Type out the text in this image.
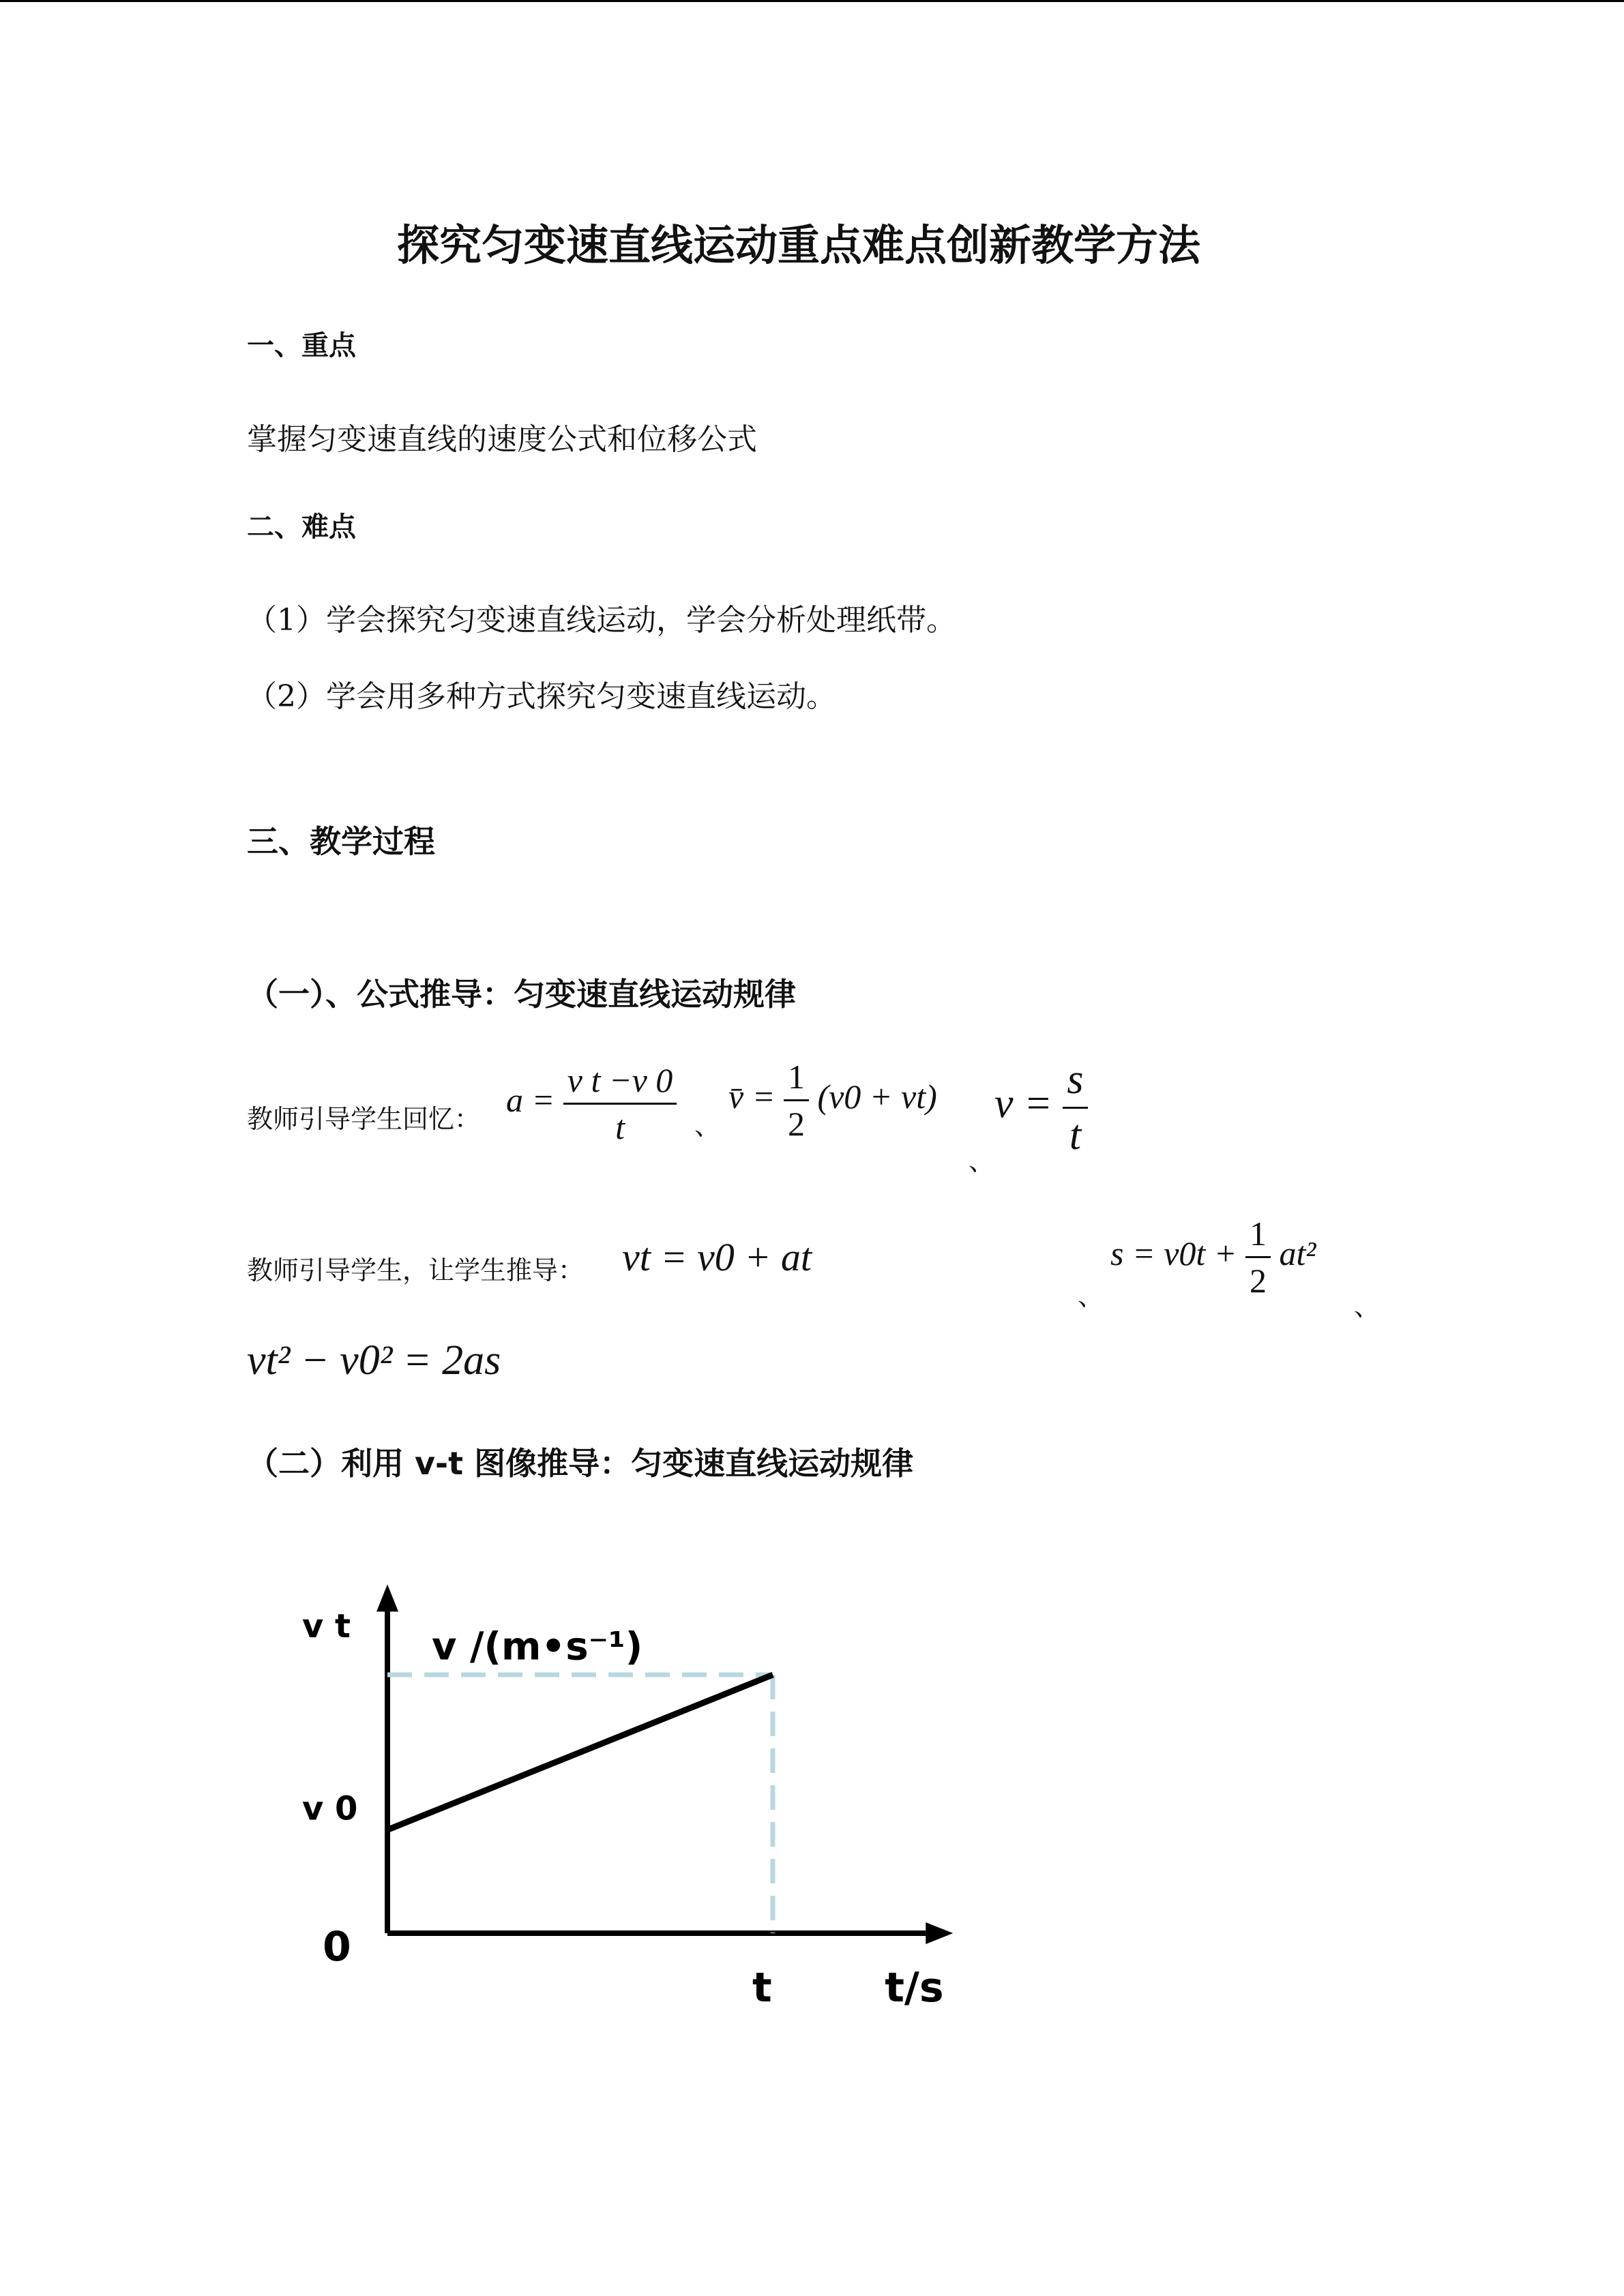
探究匀变速直线运动重点难点创新教学方法
一、重点
掌握匀变速直线的速度公式和位移公式
二、难点
（1）学会探究匀变速直线运动，学会分析处理纸带。
（2）学会用多种方式探究匀变速直线运动。
三、教学过程
（一）、公式推导：匀变速直线运动规律
教师引导学生回忆：
$a = \frac{\text{v t −v 0}}{t}$ 、
v̄ = $\frac{1}{2} (v0 + vt)$
、
$v = \frac{s}{t}$
教师引导学生，让学生推导： vt = v0 + at
、
$s = v0t + \frac{1}{2} at^2$
、
vt² − v0² = 2as
（二）利用 v-t 图像推导：匀变速直线运动规律
v /(m•s⁻¹)
t/s
0
t
v t
v 0
